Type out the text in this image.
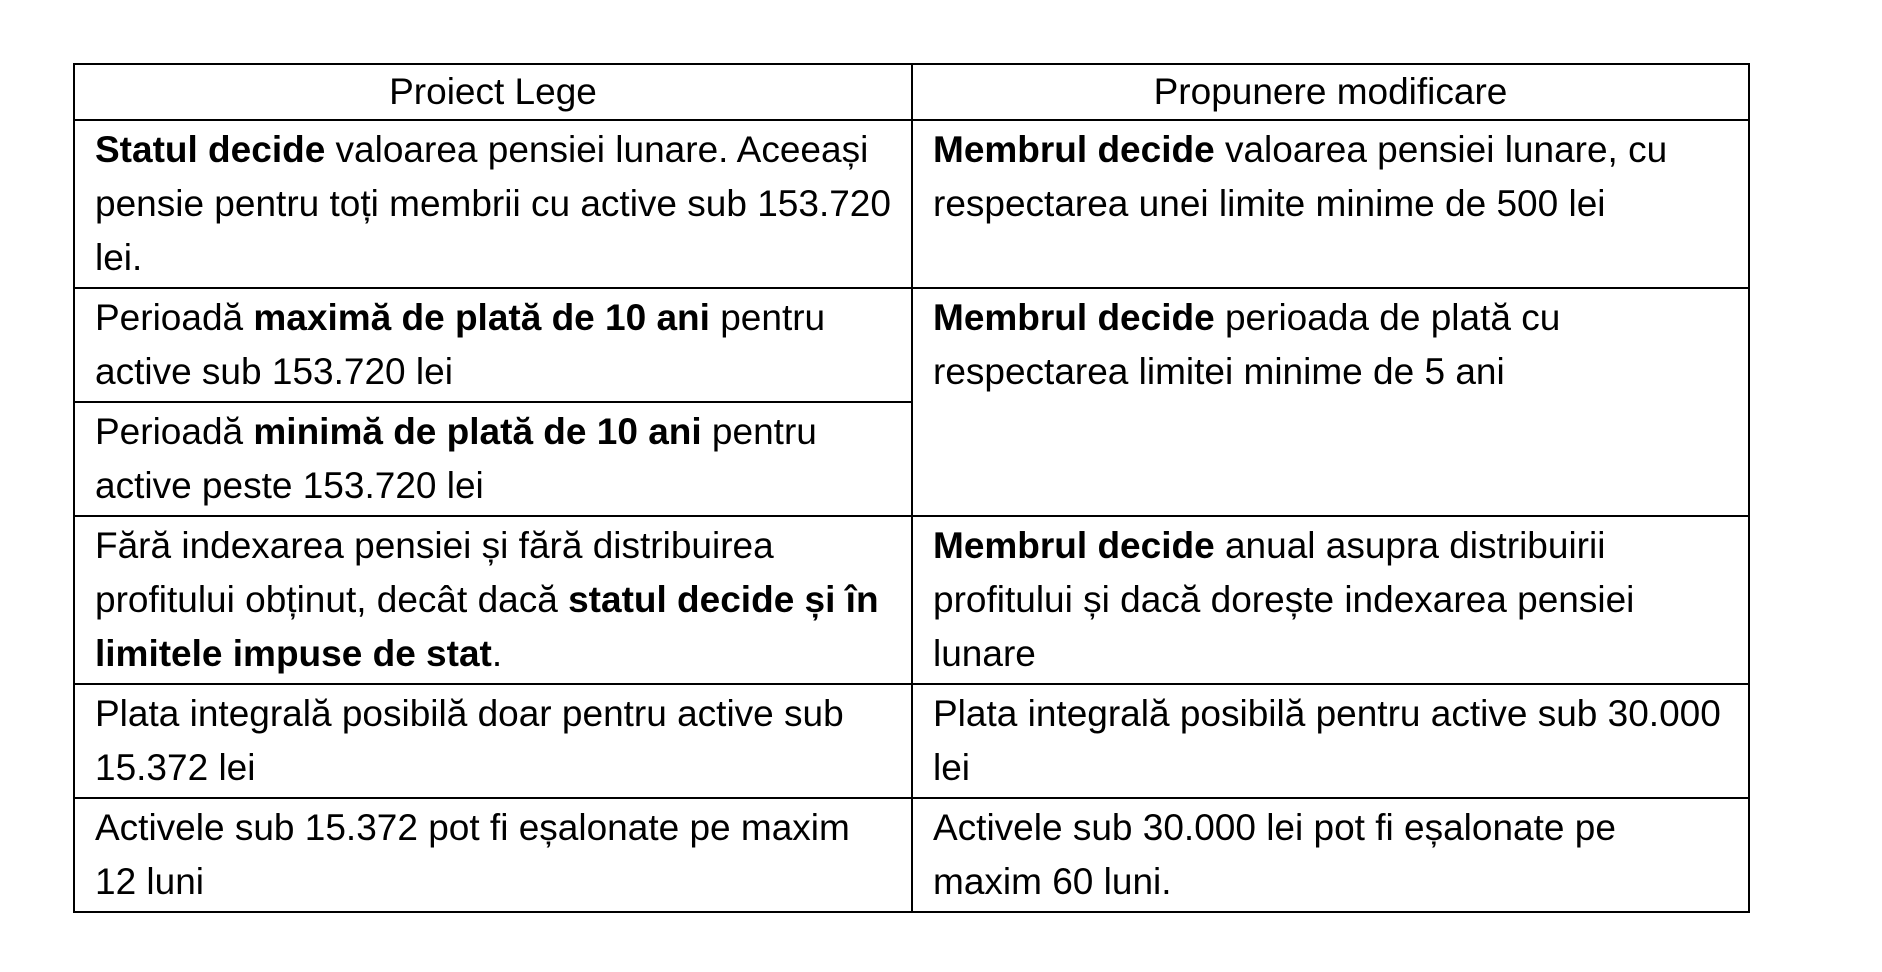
Proiect Lege	Propunere modificare
Statul decide valoarea pensiei lunare. Aceeași pensie pentru toți membrii cu active sub 153.720 lei.	Membrul decide valoarea pensiei lunare, cu respectarea unei limite minime de 500 lei
Perioadă maximă de plată de 10 ani pentru active sub 153.720 lei	Membrul decide perioada de plată cu respectarea limitei minime de 5 ani
Perioadă minimă de plată de 10 ani pentru active peste 153.720 lei	
Fără indexarea pensiei și fără distribuirea profitului obținut, decât dacă statul decide și în limitele impuse de stat.	Membrul decide anual asupra distribuirii profitului și dacă dorește indexarea pensiei lunare
Plata integrală posibilă doar pentru active sub 15.372 lei	Plata integrală posibilă pentru active sub 30.000 lei
Activele sub 15.372 pot fi eșalonate pe maxim 12 luni	Activele sub 30.000 lei pot fi eșalonate pe maxim 60 luni.
